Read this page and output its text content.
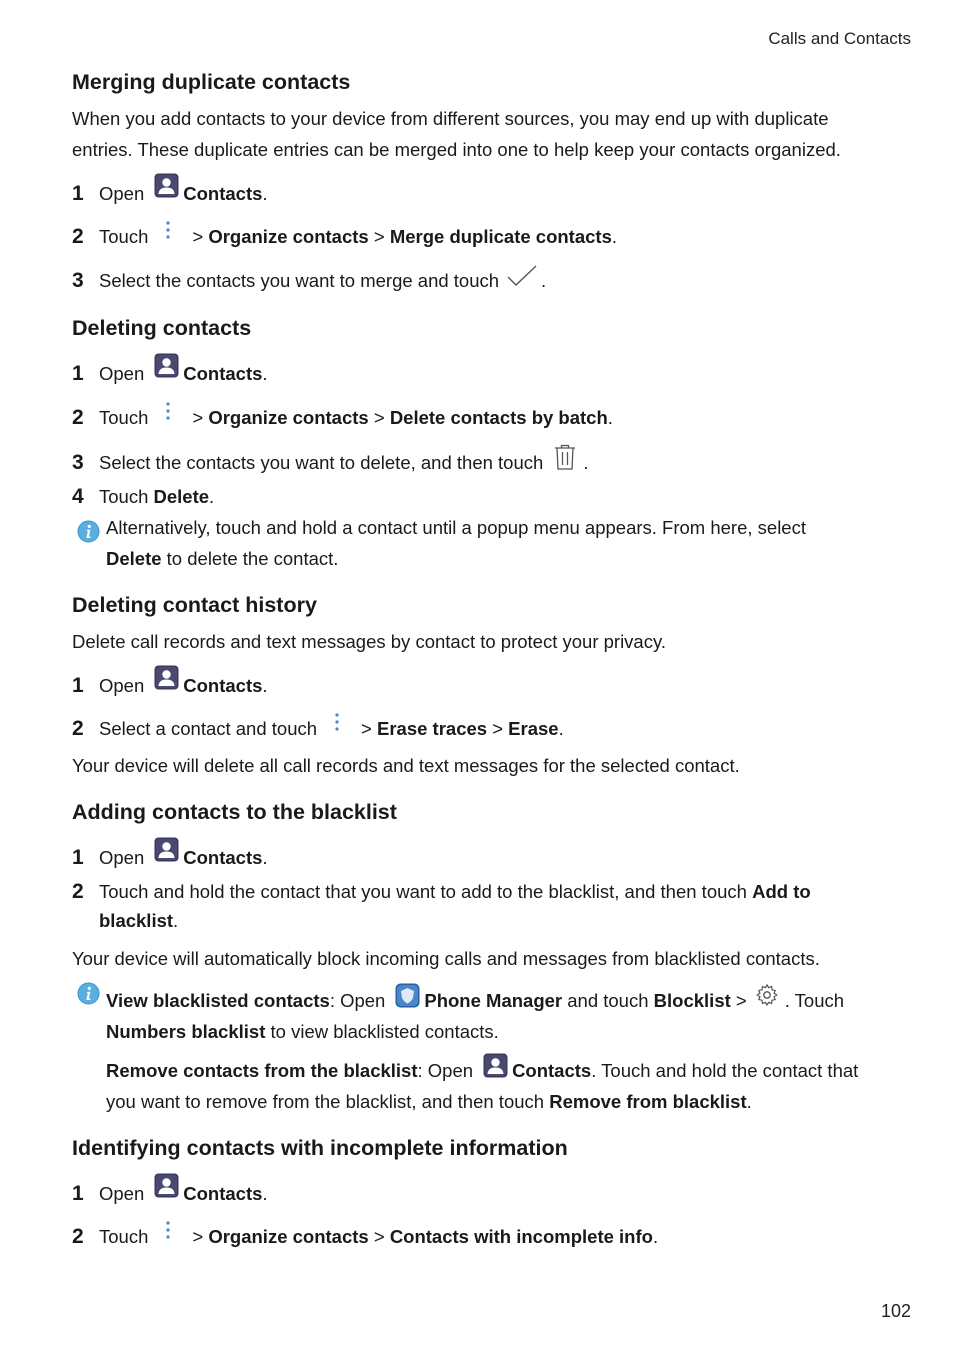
Calls and Contacts
Merging duplicate contacts
When you add contacts to your device from different sources, you may end up with duplicate
entries. These duplicate entries can be merged into one to help keep your contacts organized.
1 Open Contacts .
2 Touch >
Organize contacts
>
Merge duplicate contacts .
3 Select the contacts you want to merge and touch .
Deleting contacts
1 Open Contacts .
2 Touch >
Organize contacts
>
Delete contacts by batch .
3 Select the contacts you want to delete, and then touch .
4 Touch
Delete .
Alternatively, touch and hold a contact until a popup menu appears. From here, select
Delete to delete the contact.
Deleting contact history
Delete call records and text messages by contact to protect your privacy.
1 Open Contacts .
2 Select a contact and touch >
Erase traces
>
Erase .
Your device will delete all call records and text messages for the selected contact.
Adding contacts to the blacklist
1 Open Contacts .
2 Touch and hold the contact that you want to add to the blacklist, and then touch Add to
blacklist .
Your device will automatically block incoming calls and messages from blacklisted contacts.
View blacklisted contacts: Open Phone Manager and touch Blocklist > . Touch
Numbers blacklist to view blacklisted contacts.
Remove contacts from the blacklist: Open Contacts. Touch and hold the contact that
you want to remove from the blacklist, and then touch Remove from blacklist.
Identifying contacts with incomplete information
1 Open Contacts .
2 Touch >
Organize contacts
>
Contacts with incomplete info .
102
